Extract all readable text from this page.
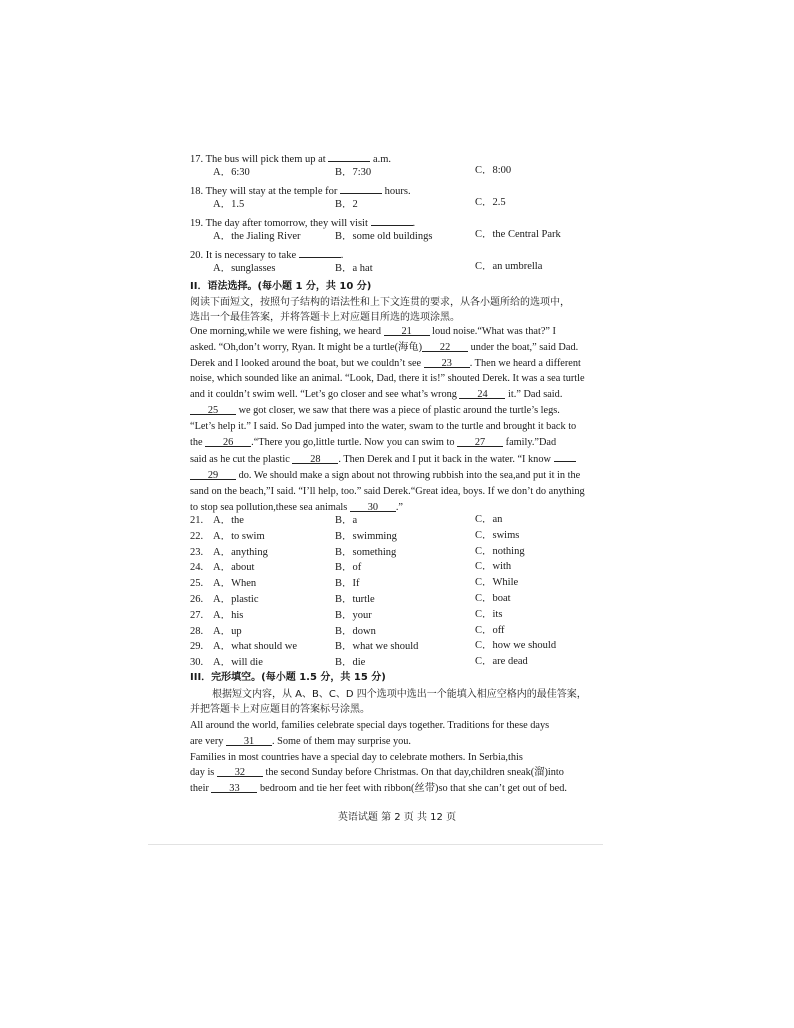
17. The bus will pick them up at	a.m.
A．6:30	B．7:30	C．8:00
18. They will stay at the temple for	hours.
A．1.5	B．2	C．2.5
19. The day after tomorrow, they will visit	.
A．the Jialing River	B．some old buildings	C．the Central Park
20. It is necessary to take	.
A．sunglasses	B．a hat	C．an umbrella
II．语法选择。(每小题 1 分，共 10 分)
阅读下面短文，按照句子结构的语法性和上下文连贯的要求，从各小题所给的选项中，
选出一个最佳答案，并将答题卡上对应题目所选的选项涂黑。
One morning,while we were fishing, we heard 21 loud noise.“What was that?” I
asked. “Oh,don’t worry, Ryan. It might be a turtle(海龟) 22 under the boat,” said Dad.
Derek and I looked around the boat, but we couldn’t see 23 . Then we heard a different
noise, which sounded like an animal. “Look, Dad, there it is!” shouted Derek. It was a sea turtle
and it couldn’t swim well. “Let’s go closer and see what’s wrong 24 it.” Dad said.
25 we got closer, we saw that there was a piece of plastic around the turtle’s legs.
“Let’s help it.” I said. So Dad jumped into the water, swam to the turtle and brought it back to
the 26 .“There you go,little turtle. Now you can swim to 27 family.”Dad
said as he cut the plastic 28 . Then Derek and I put it back in the water. “I know
29 do. We should make a sign about not throwing rubbish into the sea,and put it in the
sand on the beach,”I said. “I’ll help, too.” said Derek.“Great idea, boys. If we don’t do anything
to stop sea pollution,these sea animals 30 .”
21. A．the	B．a	C．an
22. A．to swim	B．swimming	C．swims
23. A．anything	B．something	C．nothing
24. A．about	B．of	C．with
25. A．When	B．If	C．While
26. A．plastic	B．turtle	C．boat
27. A．his	B．your	C．its
28. A．up	B．down	C．off
29. A．what should we	B．what we should	C．how we should
30. A．will die	B．die	C．are dead
III．完形填空。(每小题 1.5 分，共 15 分)
根据短文内容，从 A、B、C、D 四个选项中选出一个能填入相应空格内的最佳答案，
并把答题卡上对应题目的答案标号涂黑。
All around the world, families celebrate special days together. Traditions for these days
are very 31 . Some of them may surprise you.
Families in most countries have a special day to celebrate mothers. In Serbia,this
day is 32 the second Sunday before Christmas. On that day,children sneak(溜)into
their 33 bedroom and tie her feet with ribbon(丝带)so that she can’t get out of bed.
英语试题 第 2 页 共 12 页
